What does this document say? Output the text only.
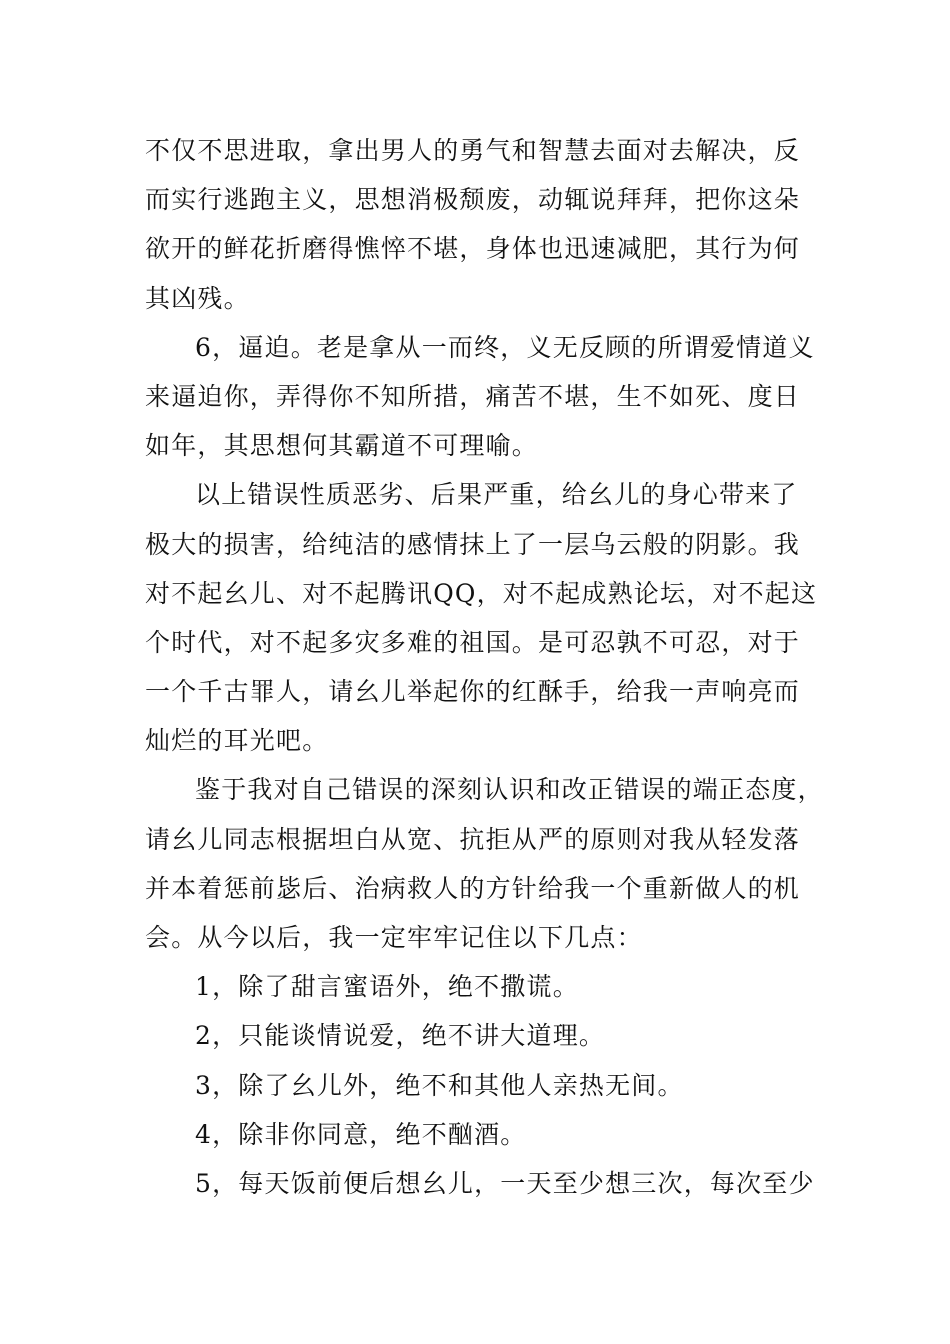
不仅不思进取，拿出男人的勇气和智慧去面对去解决，反
而实行逃跑主义，思想消极颓废，动辄说拜拜，把你这朵
欲开的鲜花折磨得憔悴不堪，身体也迅速减肥，其行为何
其凶残。
6，逼迫。老是拿从一而终，义无反顾的所谓爱情道义
来逼迫你，弄得你不知所措，痛苦不堪，生不如死、度日
如年，其思想何其霸道不可理喻。
以上错误性质恶劣、后果严重，给幺儿的身心带来了
极大的损害，给纯洁的感情抹上了一层乌云般的阴影。我
对不起幺儿、对不起腾讯QQ，对不起成熟论坛，对不起这
个时代，对不起多灾多难的祖国。是可忍孰不可忍，对于
一个千古罪人，请幺儿举起你的红酥手，给我一声响亮而
灿烂的耳光吧。
鉴于我对自己错误的深刻认识和改正错误的端正态度，
请幺儿同志根据坦白从宽、抗拒从严的原则对我从轻发落
并本着惩前毖后、治病救人的方针给我一个重新做人的机
会。从今以后，我一定牢牢记住以下几点：
1，除了甜言蜜语外，绝不撒谎。
2，只能谈情说爱，绝不讲大道理。
3，除了幺儿外，绝不和其他人亲热无间。
4，除非你同意，绝不酗酒。
5，每天饭前便后想幺儿，一天至少想三次，每次至少
